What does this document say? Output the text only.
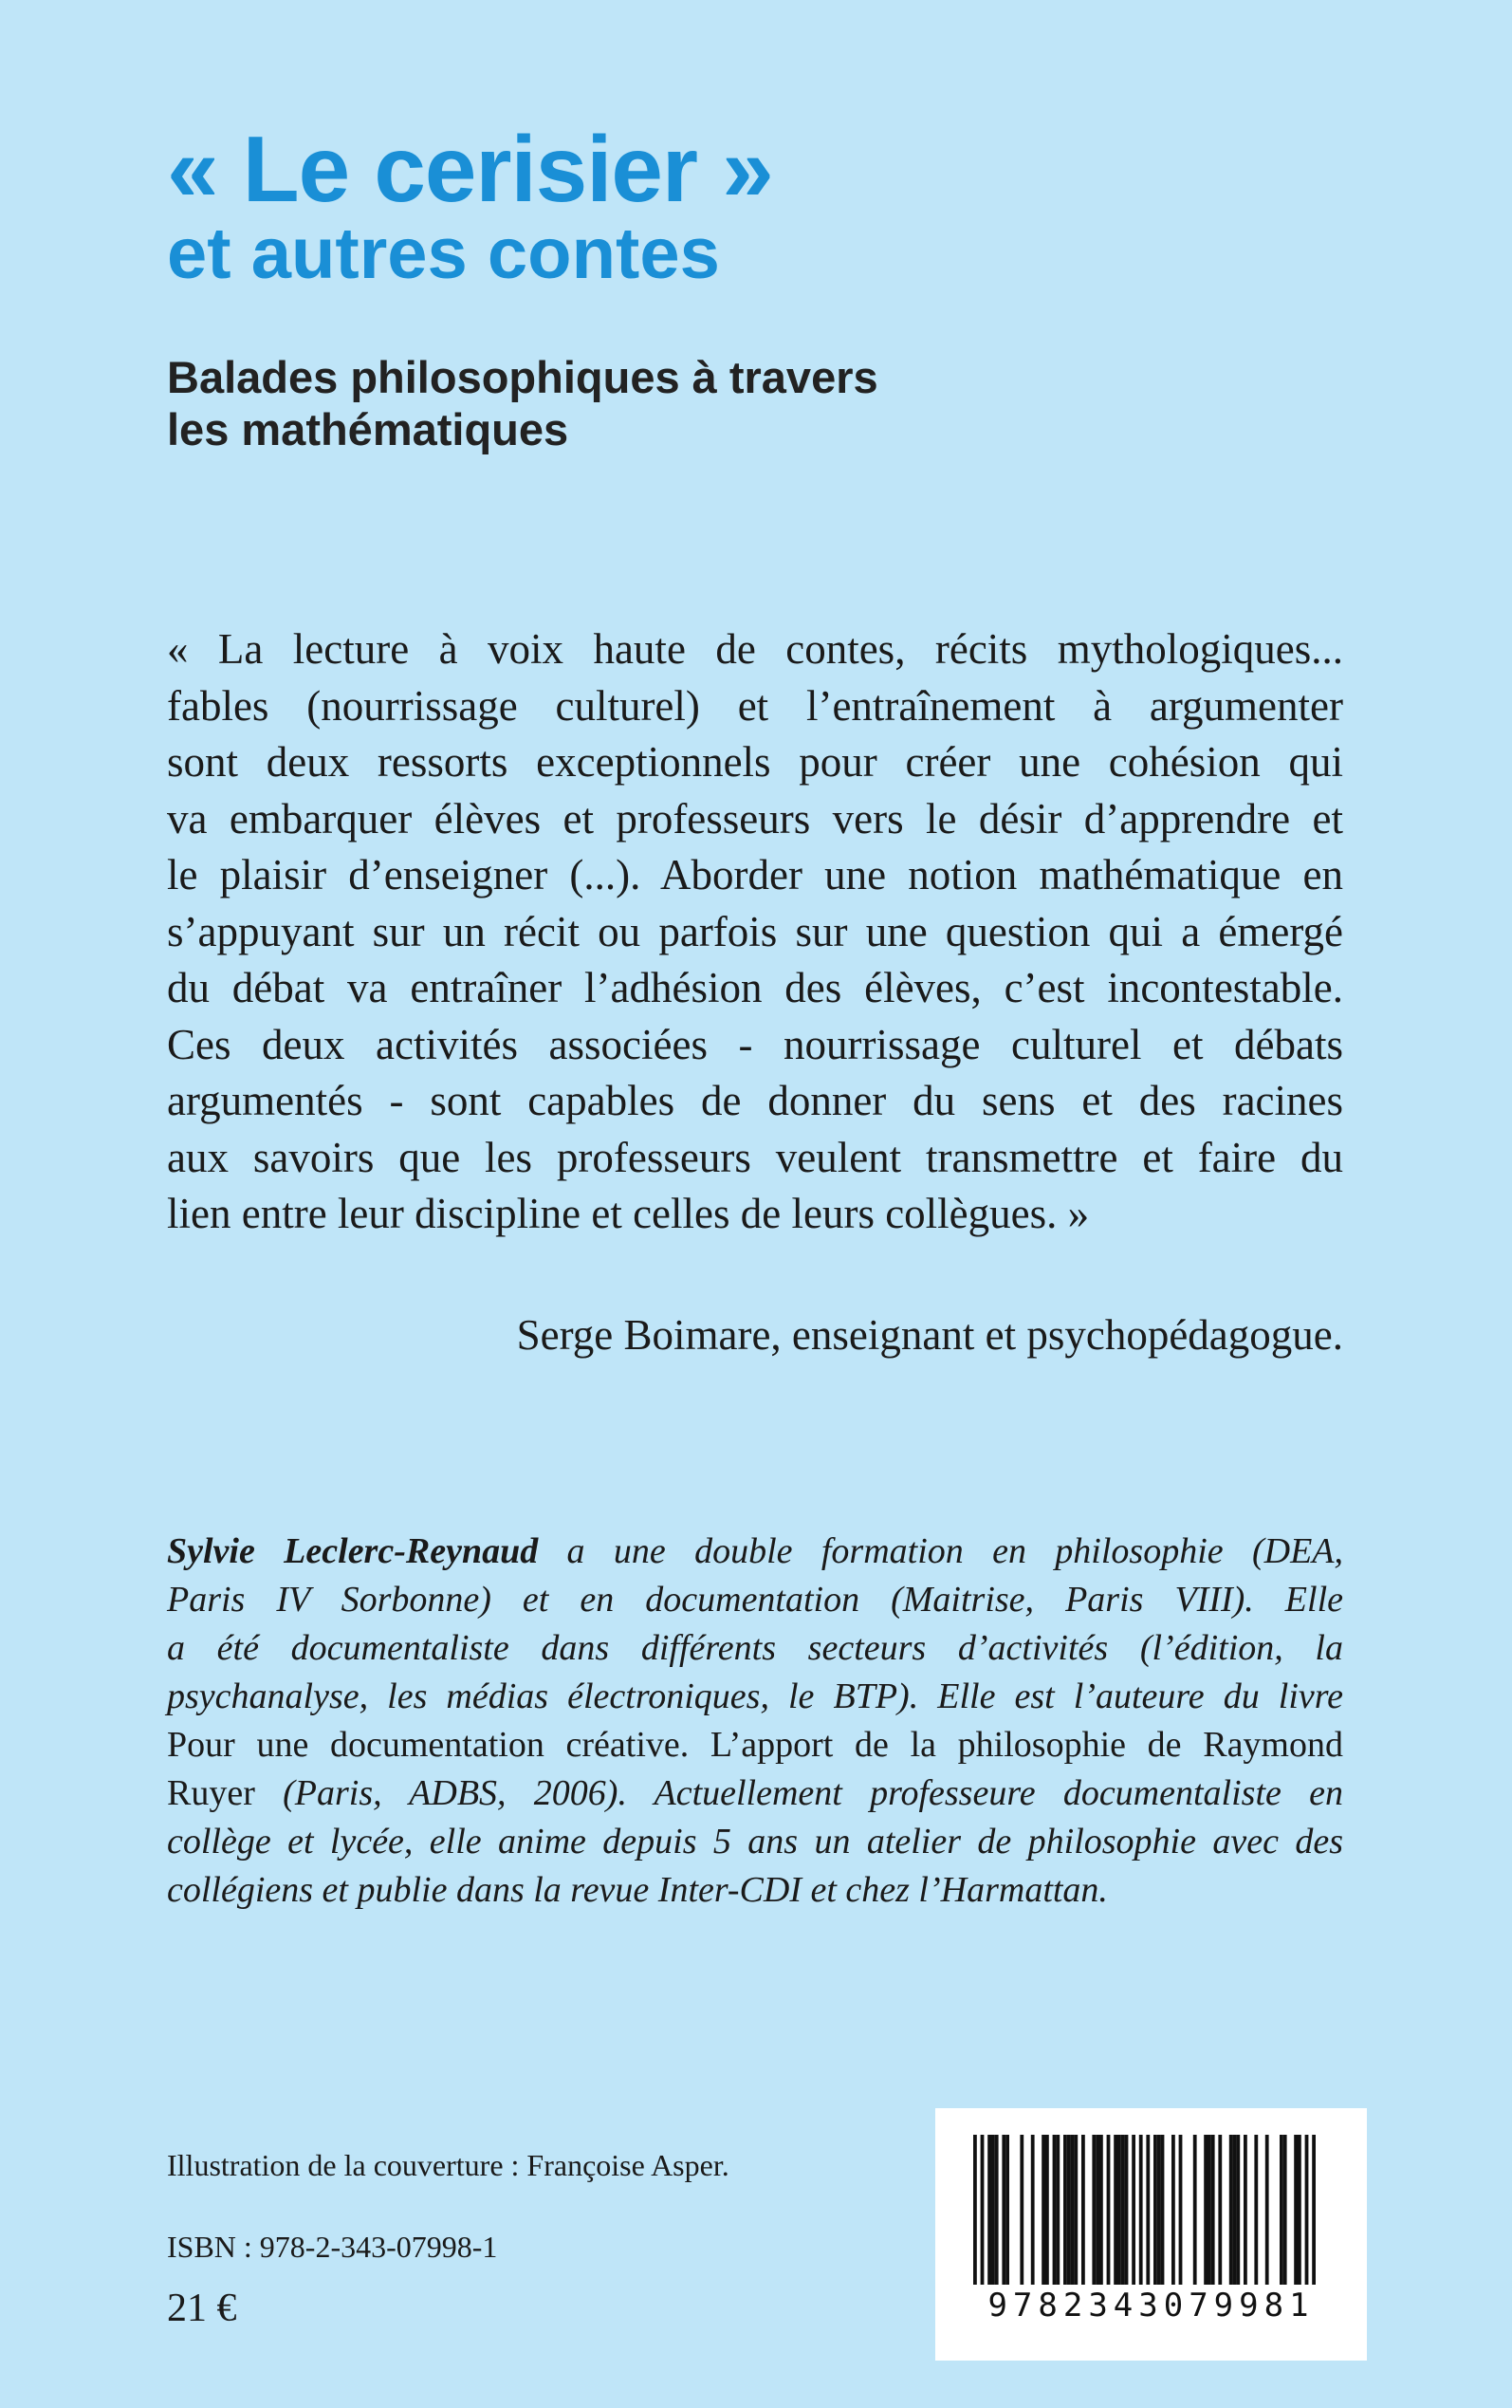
« Le cerisier »
et autres contes
Balades philosophiques à travers
les mathématiques
« La lecture à voix haute de contes, récits mythologiques...
fables (nourrissage culturel) et l’entraînement à argumenter
sont deux ressorts exceptionnels pour créer une cohésion qui
va embarquer élèves et professeurs vers le désir d’apprendre et
le plaisir d’enseigner (...). Aborder une notion mathématique en
s’appuyant sur un récit ou parfois sur une question qui a émergé
du débat va entraîner l’adhésion des élèves, c’est incontestable.
Ces deux activités associées - nourrissage culturel et débats
argumentés - sont capables de donner du sens et des racines
aux savoirs que les professeurs veulent transmettre et faire du
lien entre leur discipline et celles de leurs collègues. »
Serge Boimare, enseignant et psychopédagogue.
Sylvie Leclerc-Reynaud a une double formation en philosophie (DEA,
Paris IV Sorbonne) et en documentation (Maitrise, Paris VIII). Elle
a été documentaliste dans différents secteurs d’activités (l’édition, la
psychanalyse, les médias électroniques, le BTP). Elle est l’auteure du livre
Pour une documentation créative. L’apport de la philosophie de Raymond
Ruyer (Paris, ADBS, 2006). Actuellement professeure documentaliste en
collège et lycée, elle anime depuis 5 ans un atelier de philosophie avec des
collégiens et publie dans la revue Inter-CDI et chez l’Harmattan.
Illustration de la couverture : Françoise Asper.
ISBN : 978-2-343-07998-1
21 €	9782343079981
